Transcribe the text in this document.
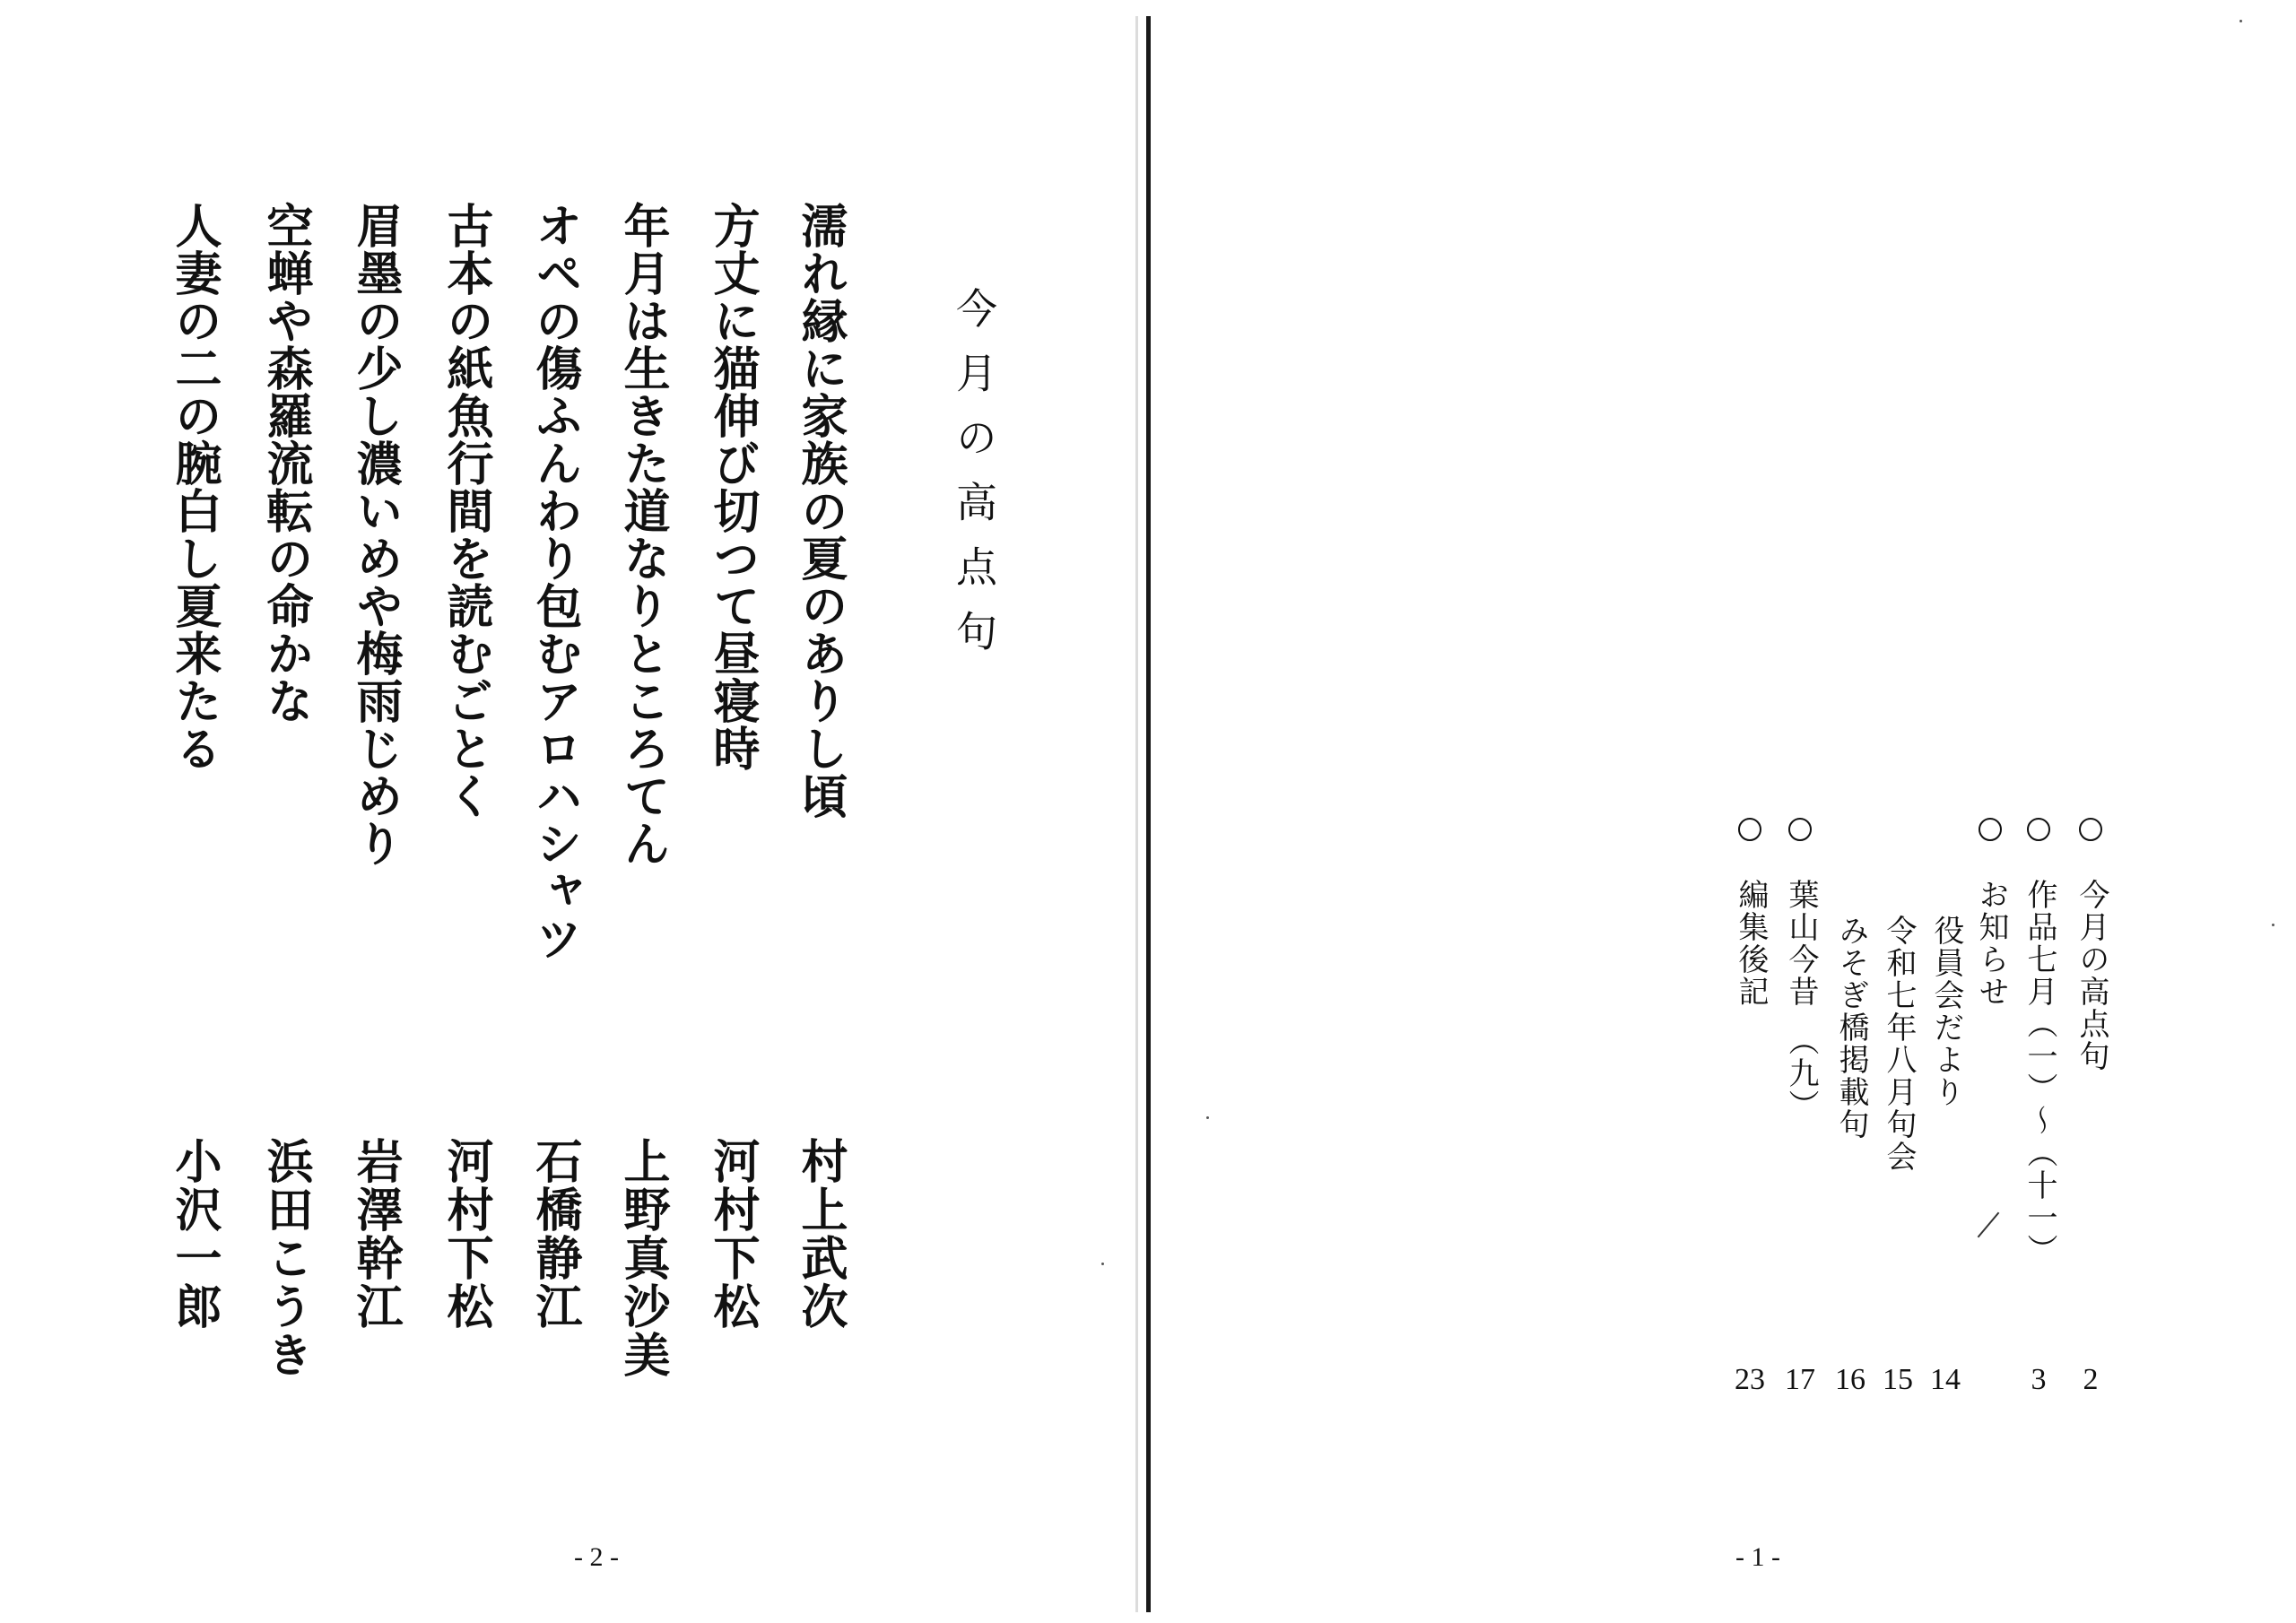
今月の高点句
濡れ縁に家族の夏のありし頃
方丈に猫伸び切つて昼寝時
年月は生きた道なりところてん
オペの傷ふんわり包むアロハシャツ
古本の紙魚行間を読むごとく
眉墨の少し濃いめや梅雨じめり
空蝉や森羅流転の命かな
人妻の二の腕白し夏来たる
村上武次
河村下松
上野真沙美
石橋静江
河村下松
岩澤幹江
浜田こうき
小沢一郎
- 2 -
今月の高点句
2
作品七月（一）～（十一）
3
お知らせ
役員会だより
14
令和七年八月句会
15
みそぎ橋掲載句
16
葉山今昔　（九）
17
編集後記
23
- 1 -
